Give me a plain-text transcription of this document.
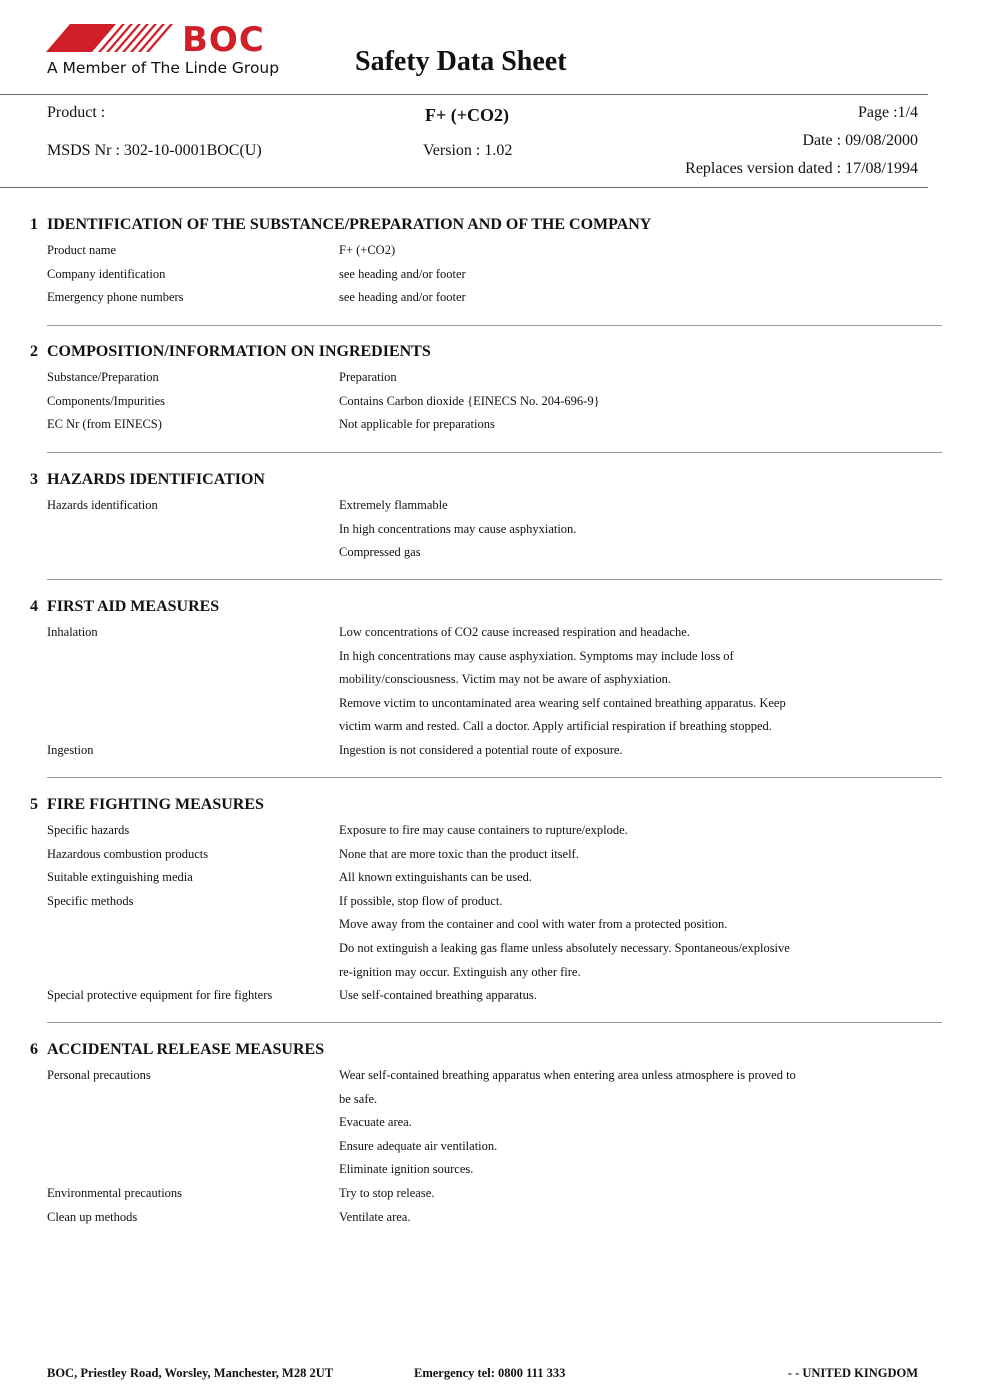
BOC
A Member of The Linde Group	Safety Data Sheet
Product :	F+ (+CO2)	Page :1/4
MSDS Nr : 302-10-0001BOC(U)	Version : 1.02
Date : 09/08/2000
Replaces version dated : 17/08/1994
1 IDENTIFICATION OF THE SUBSTANCE/PREPARATION AND OF THE COMPANY
Product name	F+ (+CO2)
Company identification	see heading and/or footer
Emergency phone numbers	see heading and/or footer
2 COMPOSITION/INFORMATION ON INGREDIENTS
Substance/Preparation	Preparation
Components/Impurities	Contains Carbon dioxide {EINECS No. 204-696-9}
EC Nr (from EINECS)	Not applicable for preparations
3 HAZARDS IDENTIFICATION
Hazards identification	Extremely flammable
In high concentrations may cause asphyxiation.
Compressed gas
4 FIRST AID MEASURES
Inhalation	Low concentrations of CO2 cause increased respiration and headache.
In high concentrations may cause asphyxiation. Symptoms may include loss of
mobility/consciousness. Victim may not be aware of asphyxiation.
Remove victim to uncontaminated area wearing self contained breathing apparatus. Keep
victim warm and rested. Call a doctor. Apply artificial respiration if breathing stopped.
Ingestion	Ingestion is not considered a potential route of exposure.
5 FIRE FIGHTING MEASURES
Specific hazards	Exposure to fire may cause containers to rupture/explode.
Hazardous combustion products	None that are more toxic than the product itself.
Suitable extinguishing media	All known extinguishants can be used.
Specific methods	If possible, stop flow of product.
Move away from the container and cool with water from a protected position.
Do not extinguish a leaking gas flame unless absolutely necessary. Spontaneous/explosive
re-ignition may occur. Extinguish any other fire.
Special protective equipment for fire fighters	Use self-contained breathing apparatus.
6 ACCIDENTAL RELEASE MEASURES
Personal precautions	Wear self-contained breathing apparatus when entering area unless atmosphere is proved to
be safe.
Evacuate area.
Ensure adequate air ventilation.
Eliminate ignition sources.
Environmental precautions	Try to stop release.
Clean up methods	Ventilate area.
BOC, Priestley Road, Worsley, Manchester, M28 2UT	Emergency tel: 0800 111 333	- - UNITED KINGDOM
